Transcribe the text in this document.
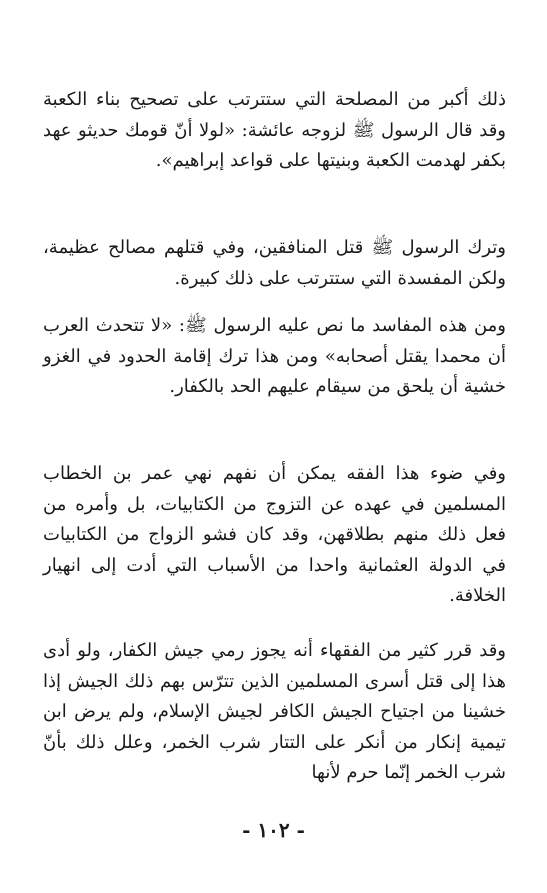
ذلك أكبر من المصلحة التي ستترتب على تصحيح بناء الكعبة وقد قال الرسول ﷺ لزوجه عائشة: «لولا أنّ قومك حديثو عهد بكفر لهدمت الكعبة وبنيتها على قواعد إبراهيم».

وترك الرسول ﷺ قتل المنافقين، وفي قتلهم مصالح عظيمة، ولكن المفسدة التي ستترتب على ذلك كبيرة.

ومن هذه المفاسد ما نص عليه الرسول ﷺ: «لا تتحدث العرب أن محمدا يقتل أصحابه» ومن هذا ترك إقامة الحدود في الغزو خشية أن يلحق من سيقام عليهم الحد بالكفار.

وفي ضوء هذا الفقه يمكن أن نفهم نهي عمر بن الخطاب المسلمين في عهده عن التزوج من الكتابيات، بل وأمره من فعل ذلك منهم بطلاقهن، وقد كان فشو الزواج من الكتابيات في الدولة العثمانية واحدا من الأسباب التي أدت إلى انهيار الخلافة.

وقد قرر كثير من الفقهاء أنه يجوز رمي جيش الكفار، ولو أدى هذا إلى قتل أسرى المسلمين الذين تترّس بهم ذلك الجيش إذا خشينا من اجتياح الجيش الكافر لجيش الإسلام، ولم يرض ابن تيمية إنكار من أنكر على التتار شرب الخمر، وعلل ذلك بأنّ شرب الخمر إنّما حرم لأنها

- ١٠٢ -
